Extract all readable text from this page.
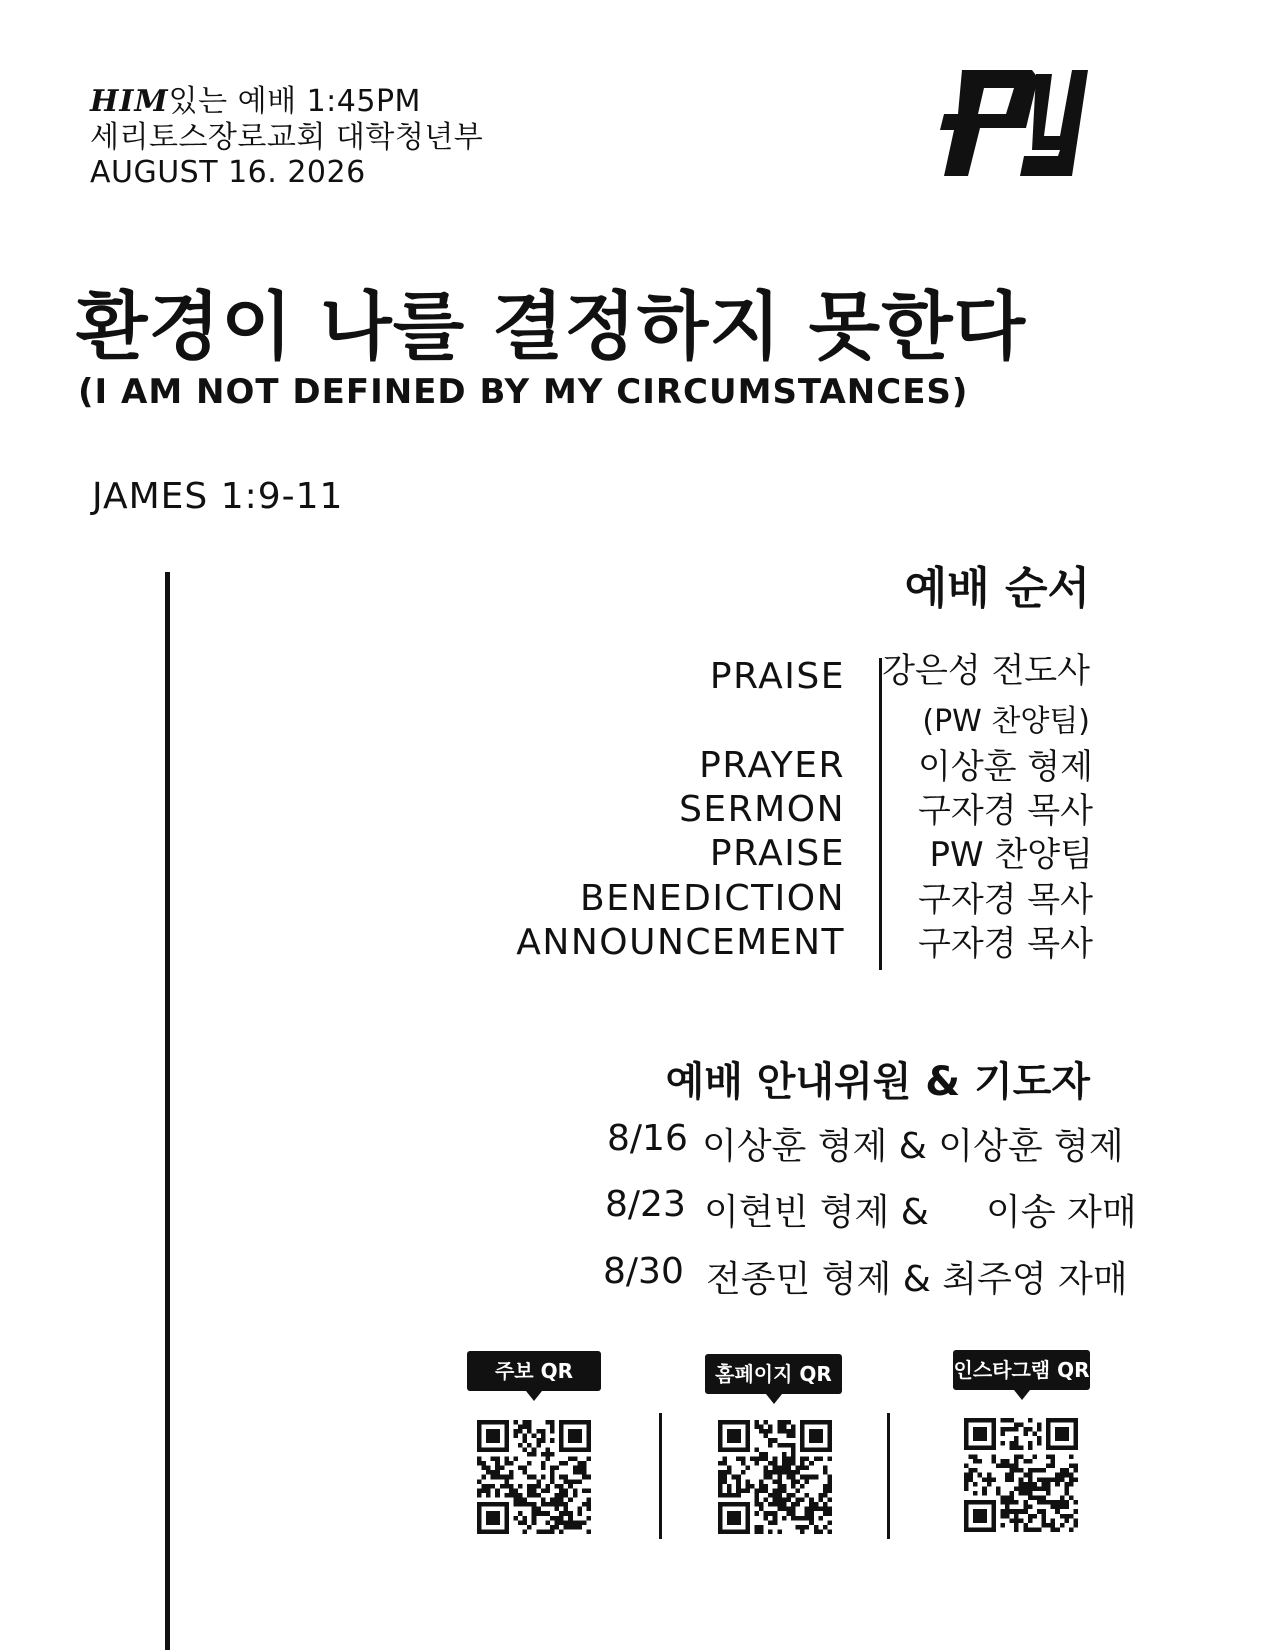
HIM있는 예배 1:45PM
세리토스장로교회 대학청년부
AUGUST 16. 2026
환경이 나를 결정하지 못한다
(I AM NOT DEFINED BY MY CIRCUMSTANCES)
JAMES 1:9-11
예배 순서
PRAISE
PRAYER
SERMON
PRAISE
BENEDICTION
ANNOUNCEMENT
강은성 전도사
(PW 찬양팀)
이상훈 형제
구자경 목사
PW 찬양팀
구자경 목사
구자경 목사
예배 안내위원 & 기도자
8/16 이상훈 형제 & 이상훈 형제
8/23 이현빈 형제 &     이송 자매
8/30 전종민 형제 & 최주영 자매
주보 QR	홈페이지 QR	인스타그램 QR
